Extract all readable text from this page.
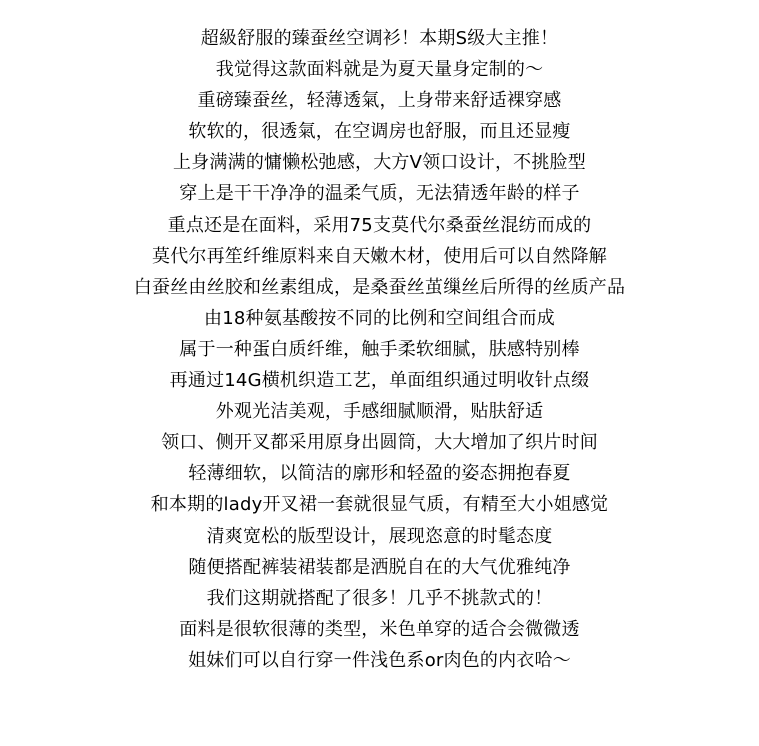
超級舒服的臻蚕丝空调衫！本期S级大主推！
我觉得这款面料就是为夏天量身定制的～
重磅臻蚕丝，轻薄透氣，上身带来舒适裸穿感
软软的，很透氣，在空调房也舒服，而且还显瘦
上身满满的慵懒松弛感，大方V领口设计，不挑脸型
穿上是干干净净的温柔气质，无法猜透年龄的样子
重点还是在面料，采用75支莫代尔桑蚕丝混纺而成的
莫代尔再笙纤维原料来自天嫩木材，使用后可以自然降解
白蚕丝由丝胶和丝素组成，是桑蚕丝茧缫丝后所得的丝质产品
由18种氨基酸按不同的比例和空间组合而成
属于一种蛋白质纤维，触手柔软细腻，肤感特别棒
再通过14G横机织造工艺，单面组织通过明收针点缀
外观光洁美观，手感细腻顺滑，贴肤舒适
领口、侧开叉都采用原身出圆筒，大大增加了织片时间
轻薄细软，以简洁的廓形和轻盈的姿态拥抱春夏
和本期的lady开叉裙一套就很显气质，有精至大小姐感觉
清爽宽松的版型设计，展现恣意的时髦态度
随便搭配裤装裙装都是洒脱自在的大气优雅纯净
我们这期就搭配了很多！几乎不挑款式的！
面料是很软很薄的类型，米色单穿的适合会微微透
姐妹们可以自行穿一件浅色系or肉色的内衣哈～
